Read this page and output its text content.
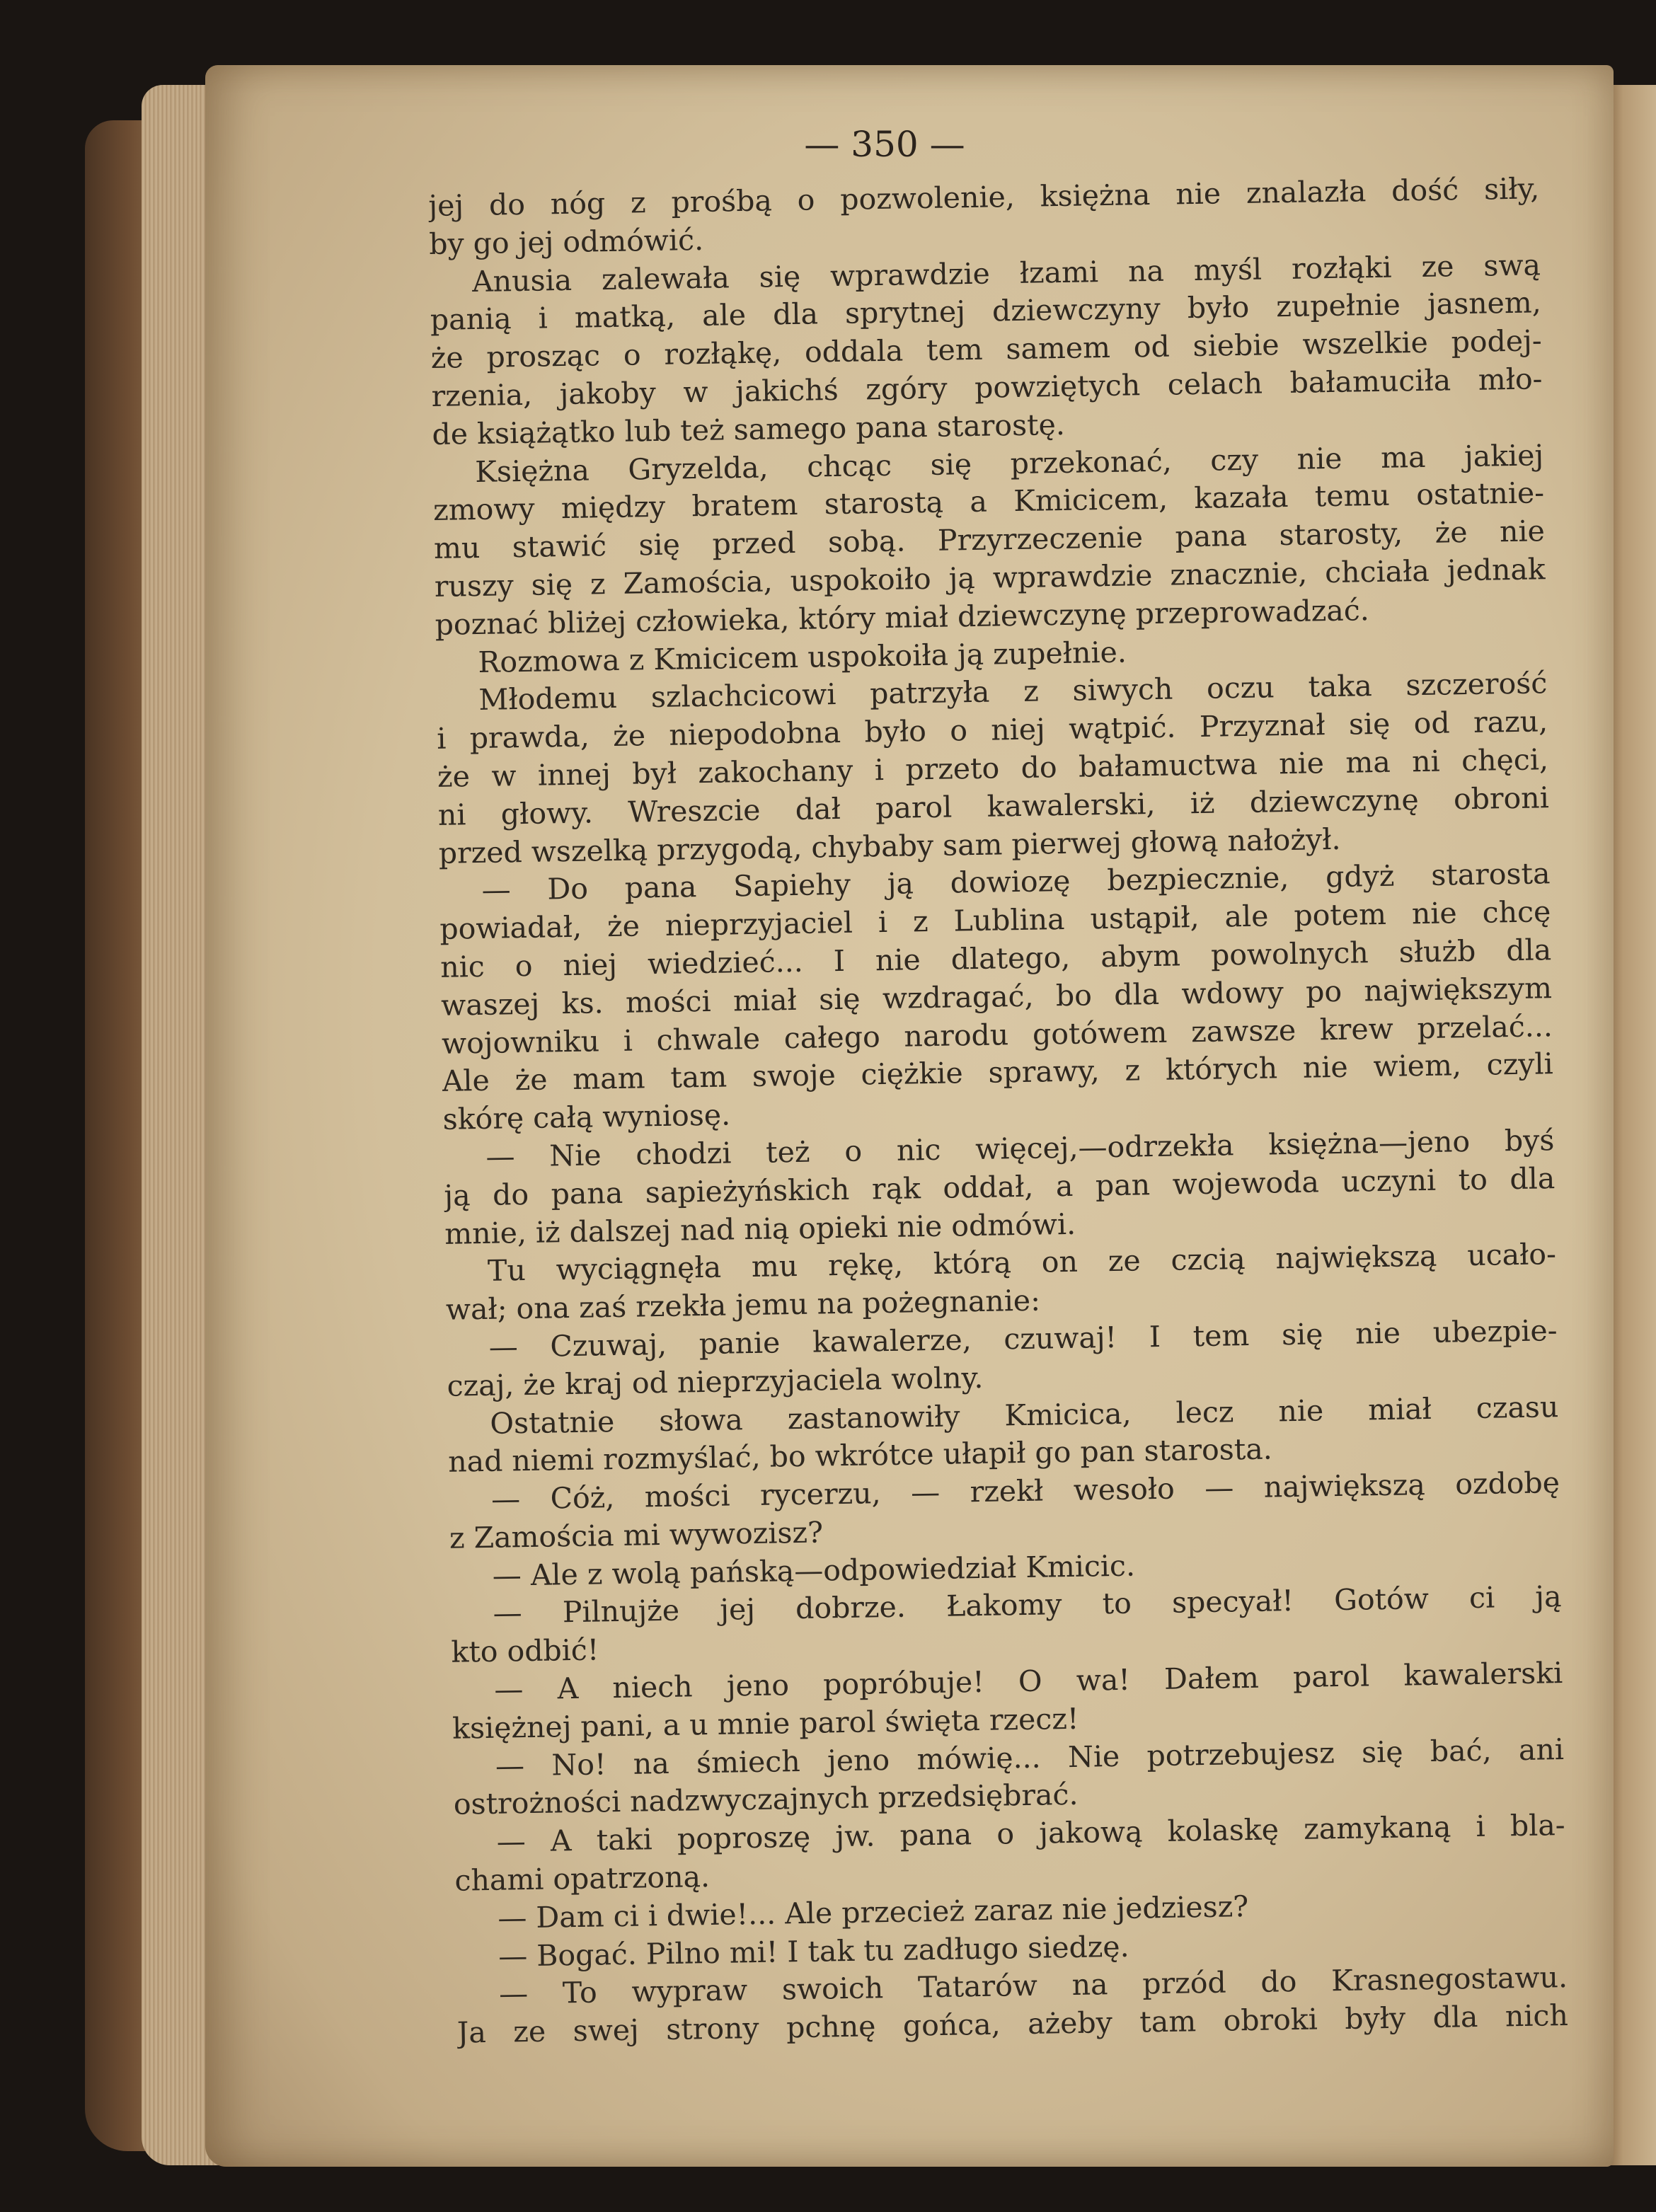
— 350 —

jej do nóg z prośbą o pozwolenie, księżna nie znalazła dość siły,
by go jej odmówić.
Anusia zalewała się wprawdzie łzami na myśl rozłąki ze swą
panią i matką, ale dla sprytnej dziewczyny było zupełnie jasnem,
że prosząc o rozłąkę, oddala tem samem od siebie wszelkie podej-
rzenia, jakoby w jakichś zgóry powziętych celach bałamuciła mło-
de książątko lub też samego pana starostę.
Księżna Gryzelda, chcąc się przekonać, czy nie ma jakiej
zmowy między bratem starostą a Kmicicem, kazała temu ostatnie-
mu stawić się przed sobą. Przyrzeczenie pana starosty, że nie
ruszy się z Zamościa, uspokoiło ją wprawdzie znacznie, chciała jednak
poznać bliżej człowieka, który miał dziewczynę przeprowadzać.
Rozmowa z Kmicicem uspokoiła ją zupełnie.
Młodemu szlachcicowi patrzyła z siwych oczu taka szczerość
i prawda, że niepodobna było o niej wątpić. Przyznał się od razu,
że w innej był zakochany i przeto do bałamuctwa nie ma ni chęci,
ni głowy. Wreszcie dał parol kawalerski, iż dziewczynę obroni
przed wszelką przygodą, chybaby sam pierwej głową nałożył.
— Do pana Sapiehy ją dowiozę bezpiecznie, gdyż starosta
powiadał, że nieprzyjaciel i z Lublina ustąpił, ale potem nie chcę
nic o niej wiedzieć... I nie dlatego, abym powolnych służb dla
waszej ks. mości miał się wzdragać, bo dla wdowy po największym
wojowniku i chwale całego narodu gotówem zawsze krew przelać...
Ale że mam tam swoje ciężkie sprawy, z których nie wiem, czyli
skórę całą wyniosę.
— Nie chodzi też o nic więcej,—odrzekła księżna—jeno byś
ją do pana sapieżyńskich rąk oddał, a pan wojewoda uczyni to dla
mnie, iż dalszej nad nią opieki nie odmówi.
Tu wyciągnęła mu rękę, którą on ze czcią największą ucało-
wał; ona zaś rzekła jemu na pożegnanie:
— Czuwaj, panie kawalerze, czuwaj! I tem się nie ubezpie-
czaj, że kraj od nieprzyjaciela wolny.
Ostatnie słowa zastanowiły Kmicica, lecz nie miał czasu
nad niemi rozmyślać, bo wkrótce ułapił go pan starosta.
— Cóż, mości rycerzu, — rzekł wesoło — największą ozdobę
z Zamościa mi wywozisz?
— Ale z wolą pańską—odpowiedział Kmicic.
— Pilnujże jej dobrze. Łakomy to specyał! Gotów ci ją
kto odbić!
— A niech jeno popróbuje! O wa! Dałem parol kawalerski
księżnej pani, a u mnie parol święta rzecz!
— No! na śmiech jeno mówię... Nie potrzebujesz się bać, ani
ostrożności nadzwyczajnych przedsiębrać.
— A taki poproszę jw. pana o jakową kolaskę zamykaną i bla-
chami opatrzoną.
— Dam ci i dwie!... Ale przecież zaraz nie jedziesz?
— Bogać. Pilno mi! I tak tu zadługo siedzę.
— To wypraw swoich Tatarów na przód do Krasnegostawu.
Ja ze swej strony pchnę gońca, ażeby tam obroki były dla nich
